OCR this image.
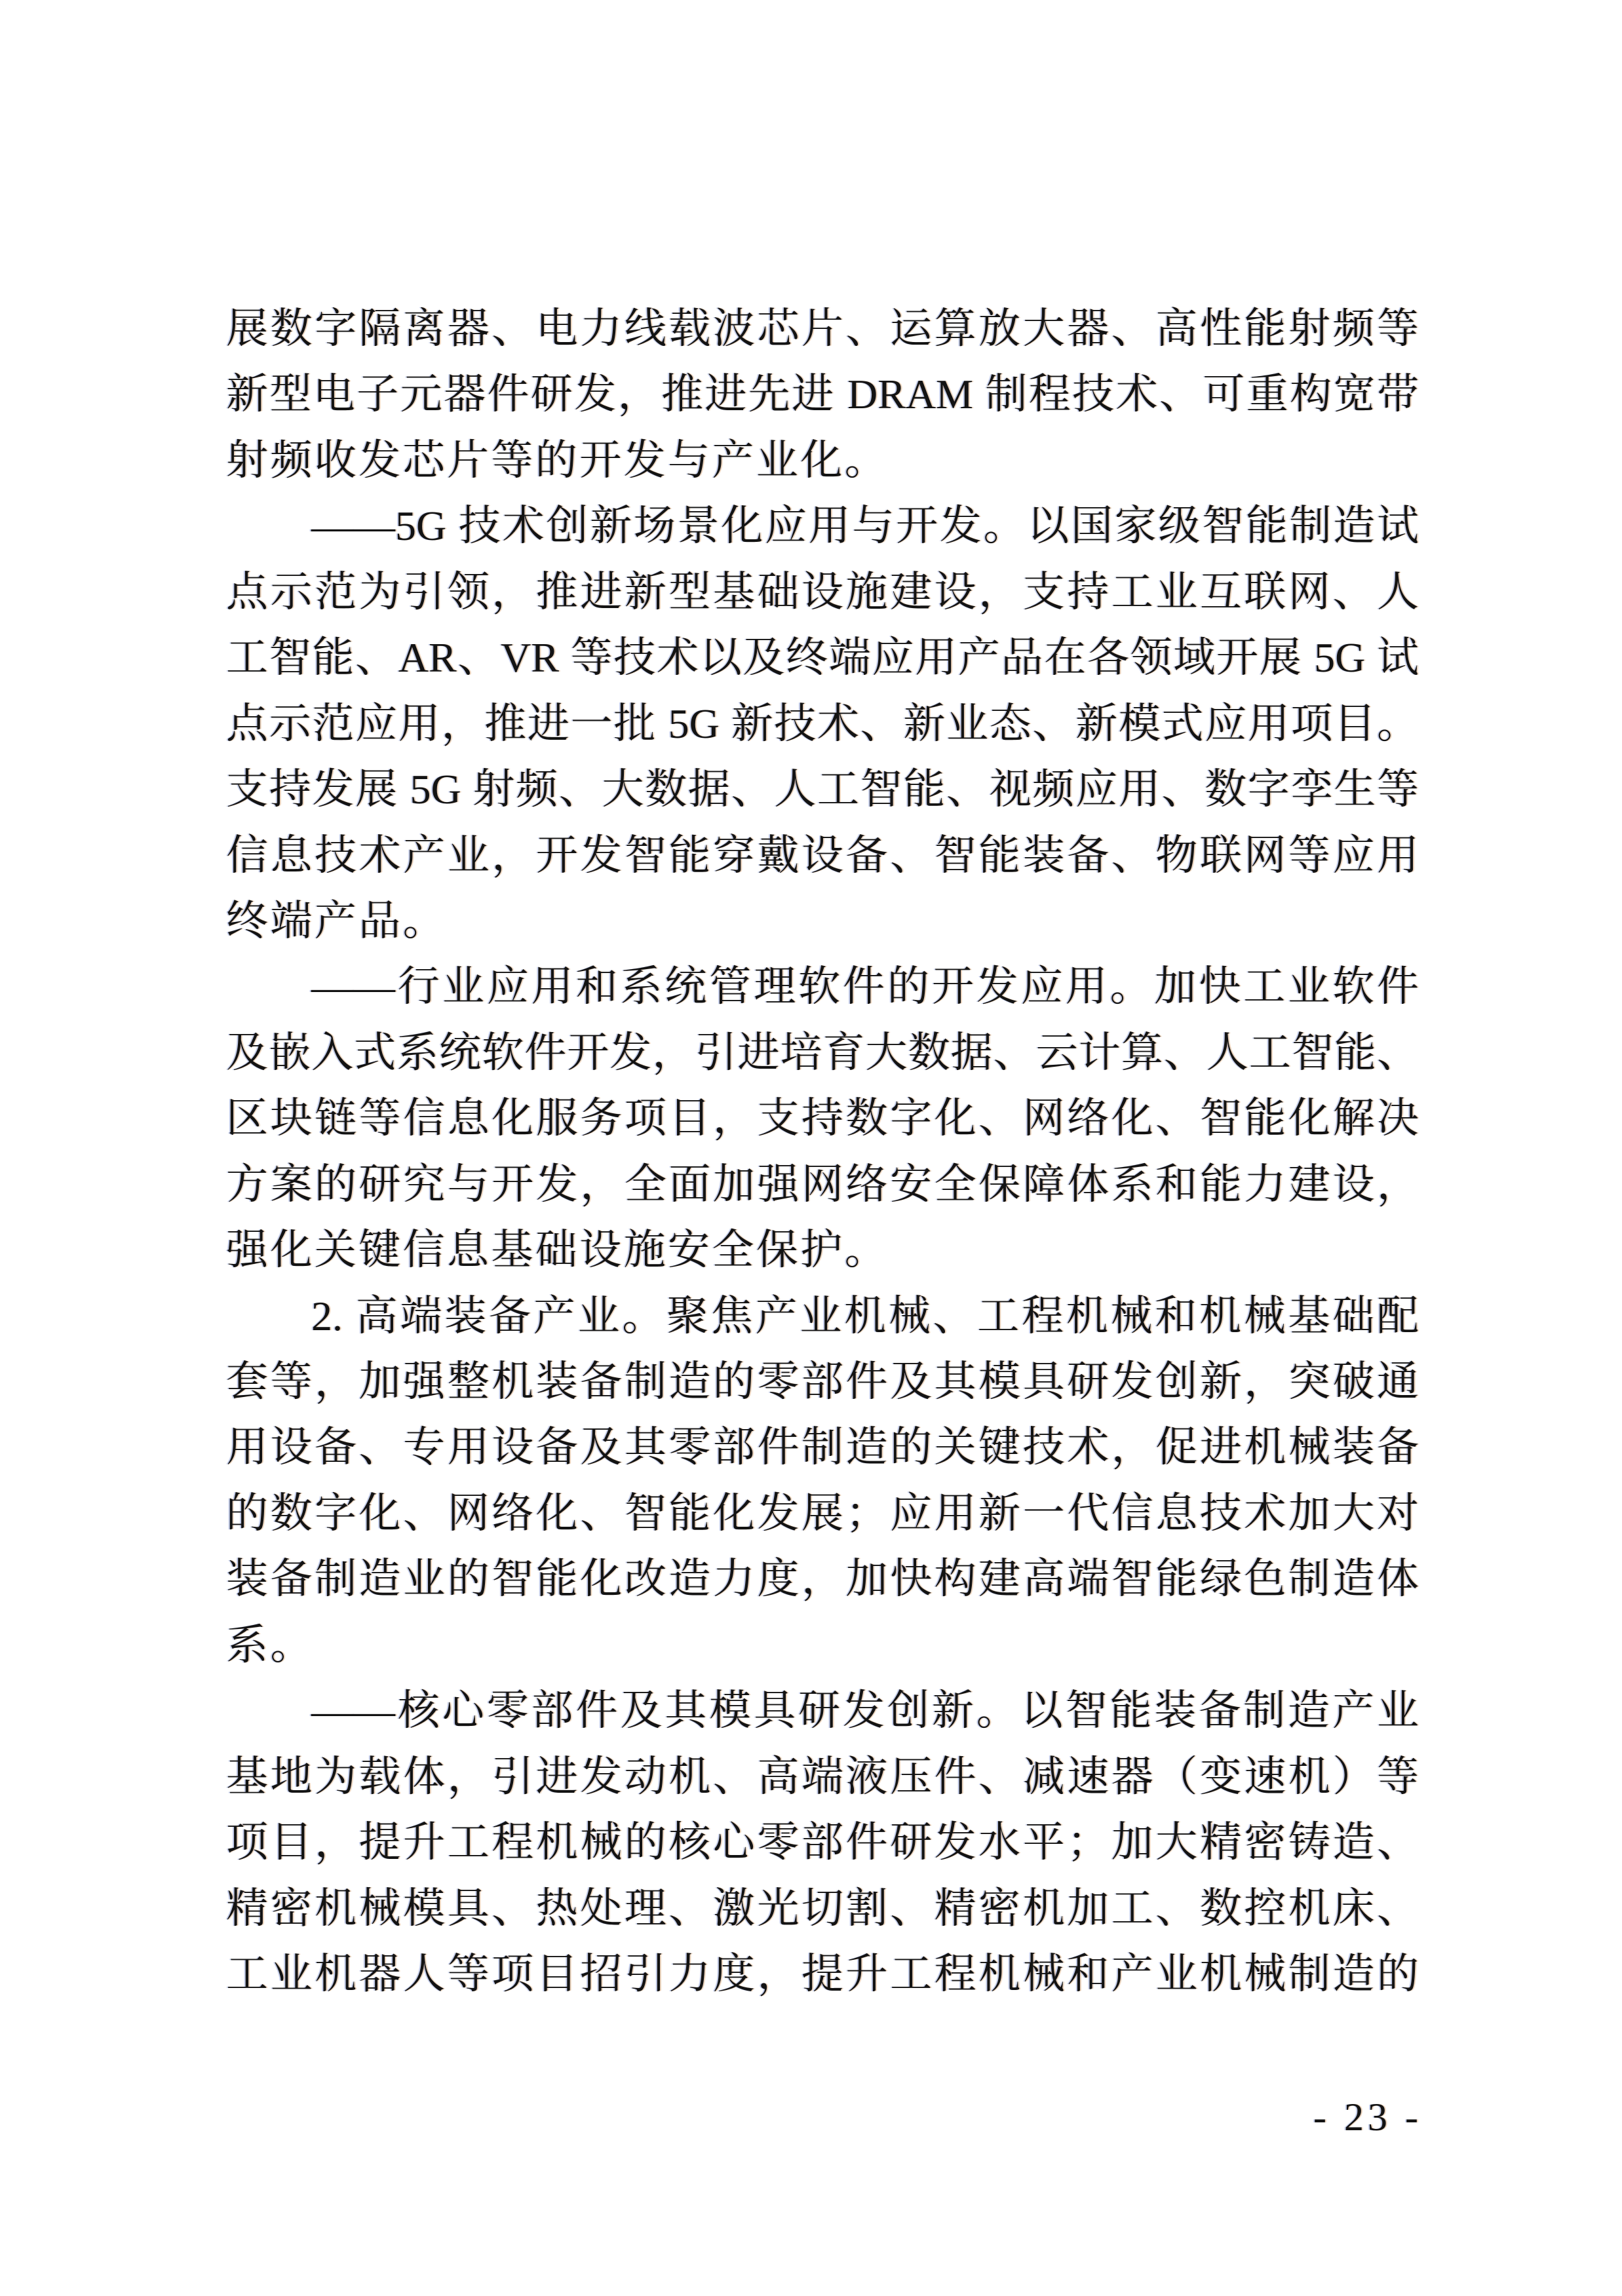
展数字隔离器、电力线载波芯片、运算放大器、高性能射频等
新型电子元器件研发，推进先进 DRAM 制程技术、可重构宽带
射频收发芯片等的开发与产业化。
——5G 技术创新场景化应用与开发。以国家级智能制造试
点示范为引领，推进新型基础设施建设，支持工业互联网、人
工智能、AR、VR 等技术以及终端应用产品在各领域开展 5G 试
点示范应用，推进一批 5G 新技术、新业态、新模式应用项目。
支持发展 5G 射频、大数据、人工智能、视频应用、数字孪生等
信息技术产业，开发智能穿戴设备、智能装备、物联网等应用
终端产品。
——行业应用和系统管理软件的开发应用。加快工业软件
及嵌入式系统软件开发，引进培育大数据、云计算、人工智能、
区块链等信息化服务项目，支持数字化、网络化、智能化解决
方案的研究与开发，全面加强网络安全保障体系和能力建设，
强化关键信息基础设施安全保护。
2. 高端装备产业。聚焦产业机械、工程机械和机械基础配
套等，加强整机装备制造的零部件及其模具研发创新，突破通
用设备、专用设备及其零部件制造的关键技术，促进机械装备
的数字化、网络化、智能化发展；应用新一代信息技术加大对
装备制造业的智能化改造力度，加快构建高端智能绿色制造体
系。
——核心零部件及其模具研发创新。以智能装备制造产业
基地为载体，引进发动机、高端液压件、减速器（变速机）等
项目，提升工程机械的核心零部件研发水平；加大精密铸造、
精密机械模具、热处理、激光切割、精密机加工、数控机床、
工业机器人等项目招引力度，提升工程机械和产业机械制造的
- 23 -
